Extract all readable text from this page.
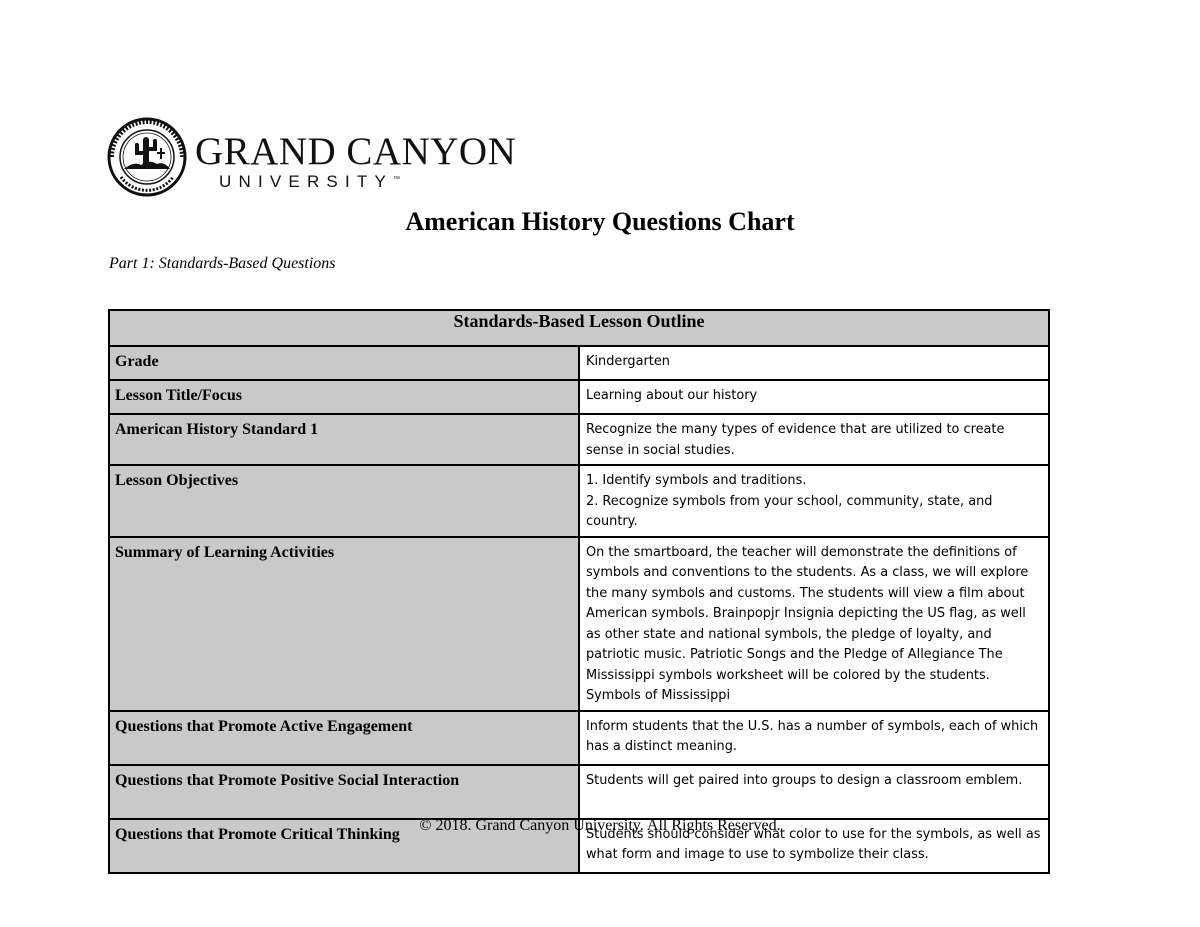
GRAND CANYON
UNIVERSITY™
American History Questions Chart

Part 1: Standards-Based Questions

Standards-Based Lesson Outline	
Grade	Kindergarten
Lesson Title/Focus	Learning about our history
American History Standard 1	Recognize the many types of evidence that are utilized to create sense in social studies.
Lesson Objectives	1. Identify symbols and traditions.
2. Recognize symbols from your school, community, state, and country.

Summary of Learning Activities	On the smartboard, the teacher will demonstrate the definitions of symbols and conventions to the students. As a class, we will explore the many symbols and customs. The students will view a film about American symbols. Brainpopjr Insignia depicting the US flag, as well as other state and national symbols, the pledge of loyalty, and patriotic music. Patriotic Songs and the Pledge of Allegiance The Mississippi symbols worksheet will be colored by the students. Symbols of Mississippi
Questions that Promote Active Engagement	Inform students that the U.S. has a number of symbols, each of which has a distinct meaning.
Questions that Promote Positive Social Interaction	Students will get paired into groups to design a classroom emblem.
Questions that Promote Critical Thinking	Students should consider what color to use for the symbols, as well as what form and image to use to symbolize their class.
© 2018. Grand Canyon University. All Rights Reserved.
